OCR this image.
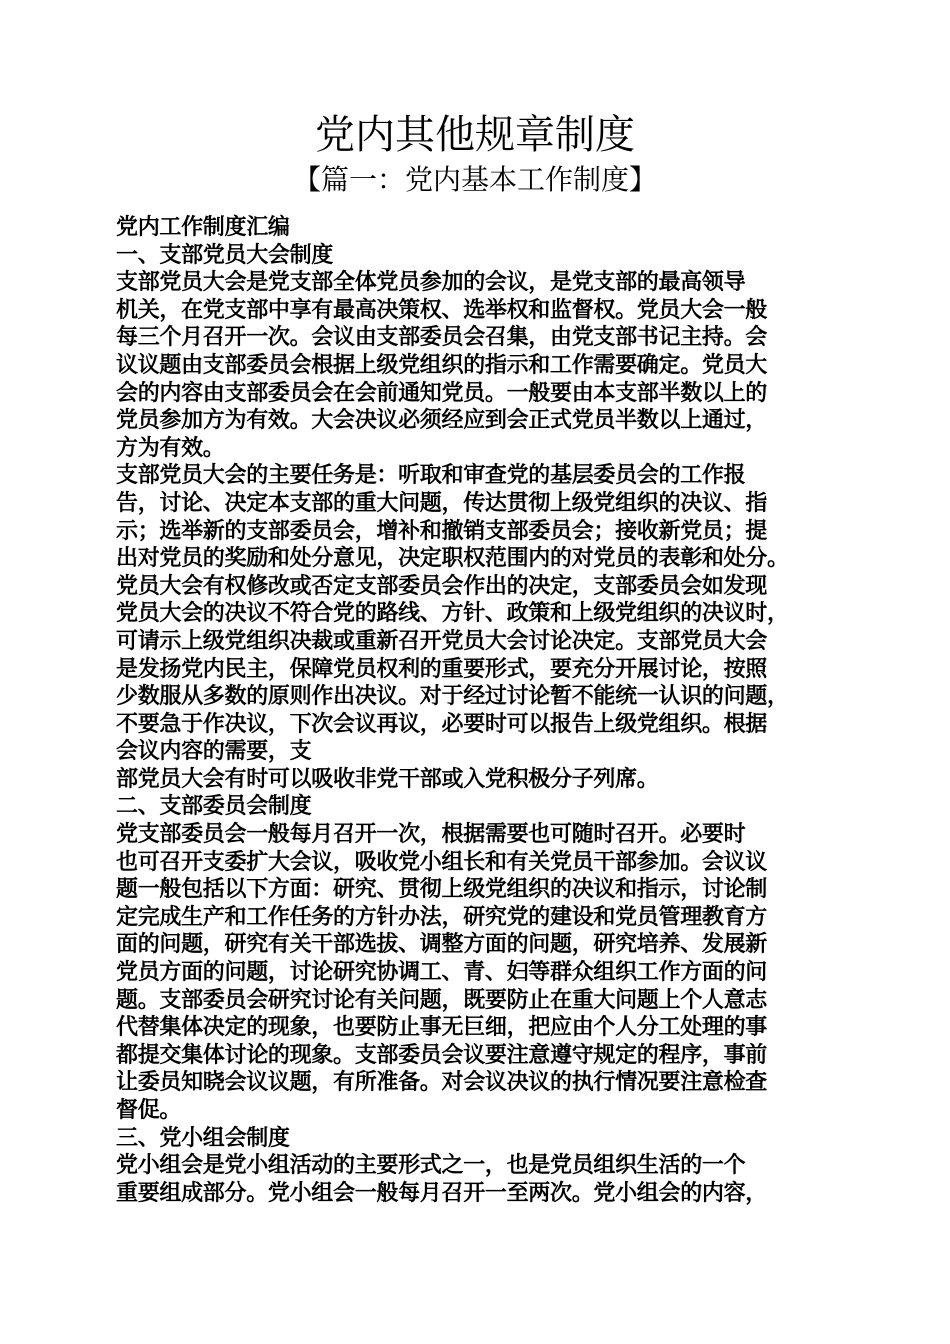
党内其他规章制度
【篇一：党内基本工作制度】
党内工作制度汇编
一、支部党员大会制度
支部党员大会是党支部全体党员参加的会议，是党支部的最高领导
机关，在党支部中享有最高决策权、选举权和监督权。党员大会一般
每三个月召开一次。会议由支部委员会召集，由党支部书记主持。会
议议题由支部委员会根据上级党组织的指示和工作需要确定。党员大
会的内容由支部委员会在会前通知党员。一般要由本支部半数以上的
党员参加方为有效。大会决议必须经应到会正式党员半数以上通过，
方为有效。
支部党员大会的主要任务是：听取和审查党的基层委员会的工作报
告，讨论、决定本支部的重大问题，传达贯彻上级党组织的决议、指
示；选举新的支部委员会，增补和撤销支部委员会；接收新党员；提
出对党员的奖励和处分意见，决定职权范围内的对党员的表彰和处分。
党员大会有权修改或否定支部委员会作出的决定，支部委员会如发现
党员大会的决议不符合党的路线、方针、政策和上级党组织的决议时，
可请示上级党组织决裁或重新召开党员大会讨论决定。支部党员大会
是发扬党内民主，保障党员权利的重要形式，要充分开展讨论，按照
少数服从多数的原则作出决议。对于经过讨论暂不能统一认识的问题，
不要急于作决议，下次会议再议，必要时可以报告上级党组织。根据
会议内容的需要，支
部党员大会有时可以吸收非党干部或入党积极分子列席。
二、支部委员会制度
党支部委员会一般每月召开一次，根据需要也可随时召开。必要时
也可召开支委扩大会议，吸收党小组长和有关党员干部参加。会议议
题一般包括以下方面：研究、贯彻上级党组织的决议和指示，讨论制
定完成生产和工作任务的方针办法，研究党的建设和党员管理教育方
面的问题，研究有关干部选拔、调整方面的问题，研究培养、发展新
党员方面的问题，讨论研究协调工、青、妇等群众组织工作方面的问
题。支部委员会研究讨论有关问题，既要防止在重大问题上个人意志
代替集体决定的现象，也要防止事无巨细，把应由个人分工处理的事
都提交集体讨论的现象。支部委员会议要注意遵守规定的程序，事前
让委员知晓会议议题，有所准备。对会议决议的执行情况要注意检查
督促。
三、党小组会制度
党小组会是党小组活动的主要形式之一，也是党员组织生活的一个
重要组成部分。党小组会一般每月召开一至两次。党小组会的内容，
